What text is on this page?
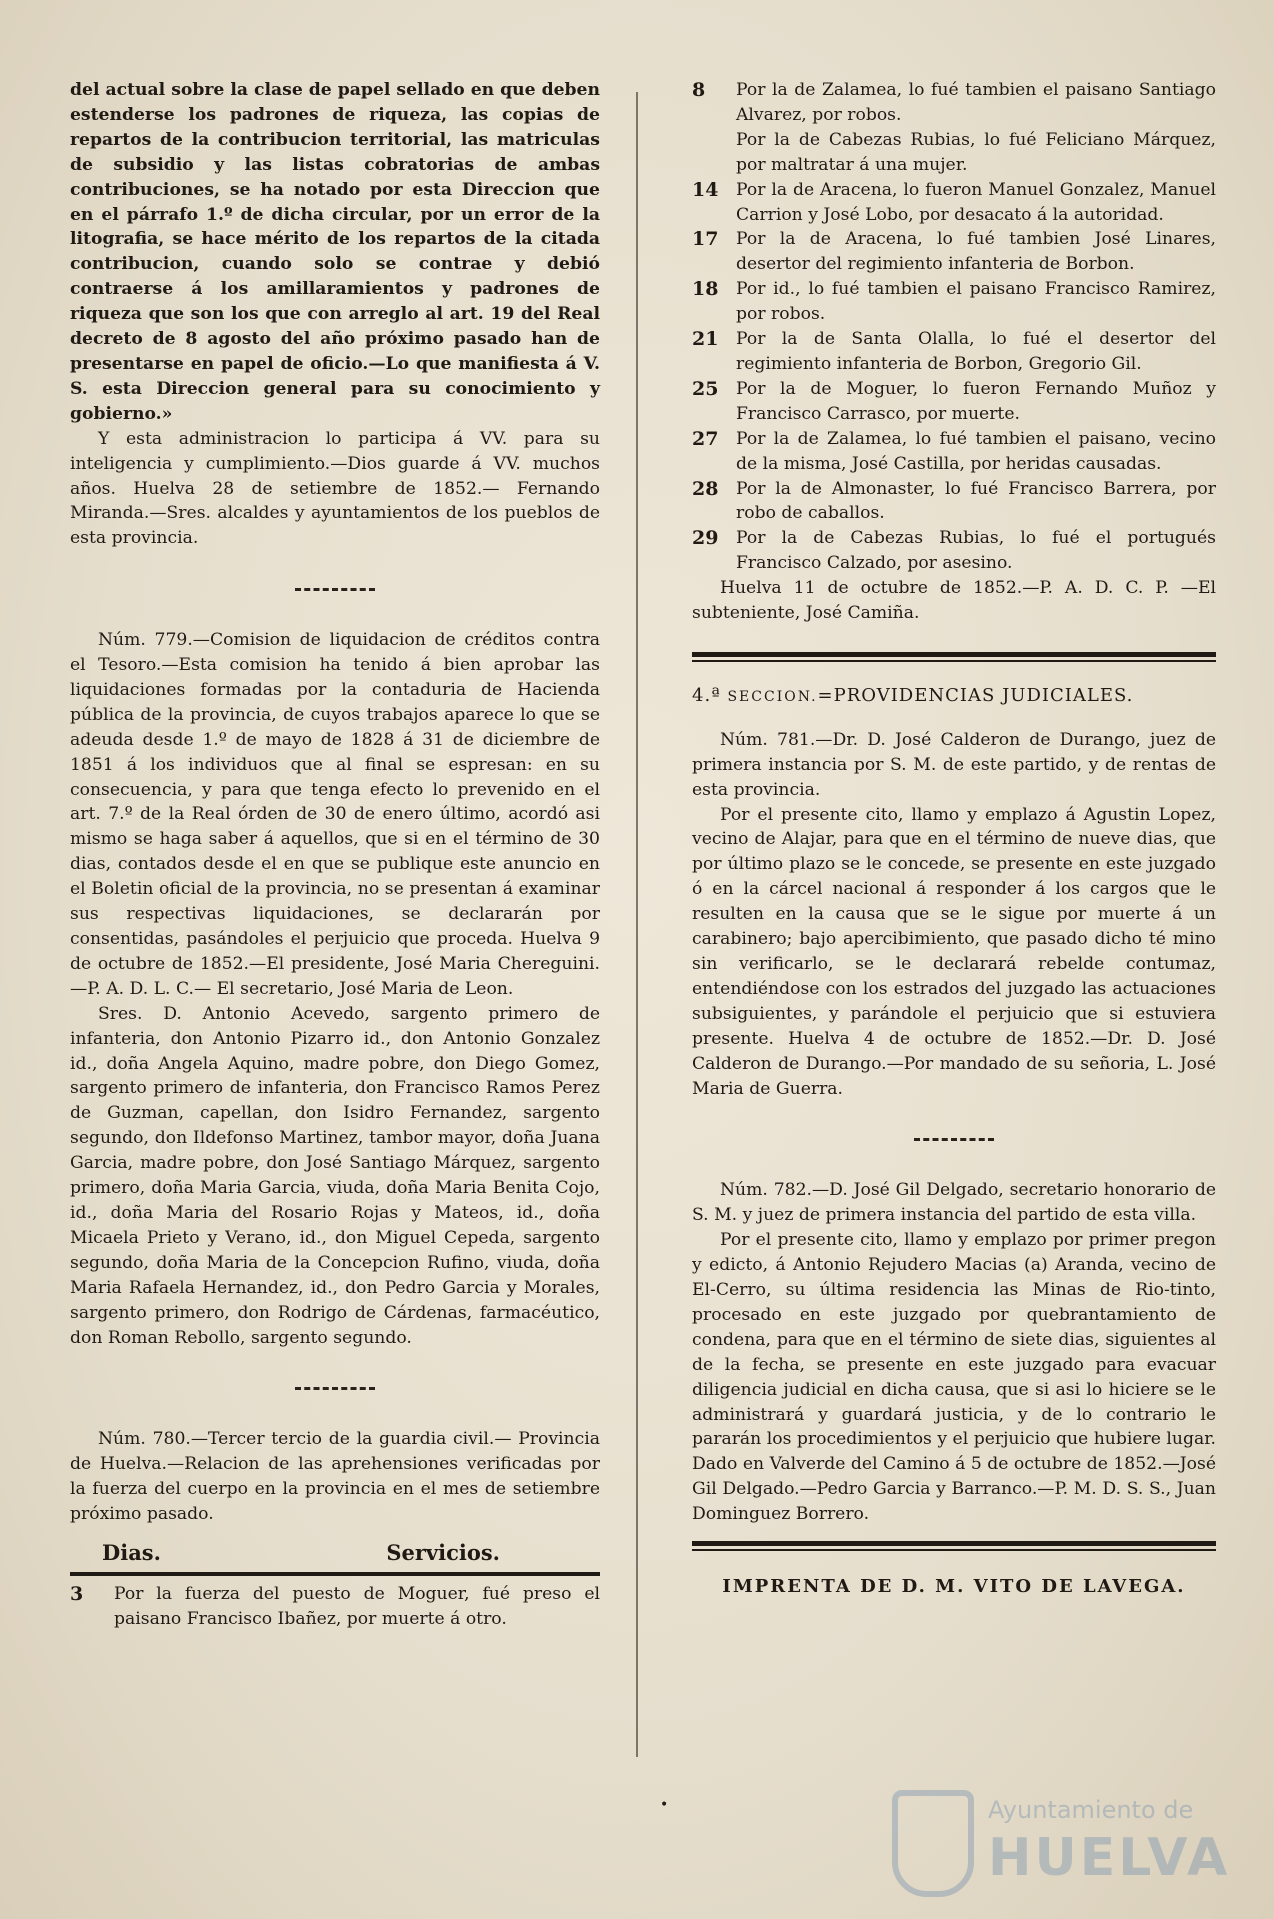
del actual sobre la clase de papel sellado en que deben estenderse los padrones de riqueza, las copias de repartos de la contribucion territorial, las matriculas de subsidio y las listas cobratorias de ambas contribuciones, se ha notado por esta Direccion que en el párrafo 1.º de dicha circular, por un error de la litografia, se hace mérito de los repartos de la citada contribucion, cuando solo se contrae y debió contraerse á los amillaramientos y padrones de riqueza que son los que con arreglo al art. 19 del Real decreto de 8 agosto del año próximo pasado han de presentarse en papel de oficio.—Lo que manifiesta á V. S. esta Direccion general para su conocimiento y gobierno.»

Y esta administracion lo participa á VV. para su inteligencia y cumplimiento.—Dios guarde á VV. muchos años. Huelva 28 de setiembre de 1852.— Fernando Miranda.—Sres. alcaldes y ayuntamientos de los pueblos de esta provincia.

Núm. 779.—Comision de liquidacion de créditos contra el Tesoro.—Esta comision ha tenido á bien aprobar las liquidaciones formadas por la contaduria de Hacienda pública de la provincia, de cuyos trabajos aparece lo que se adeuda desde 1.º de mayo de 1828 á 31 de diciembre de 1851 á los individuos que al final se espresan: en su consecuencia, y para que tenga efecto lo prevenido en el art. 7.º de la Real órden de 30 de enero último, acordó asi mismo se haga saber á aquellos, que si en el término de 30 dias, contados desde el en que se publique este anuncio en el Boletin oficial de la provincia, no se presentan á examinar sus respectivas liquidaciones, se declararán por consentidas, pasándoles el perjuicio que proceda. Huelva 9 de octubre de 1852.—El presidente, José Maria Chereguini.—P. A. D. L. C.— El secretario, José Maria de Leon.

Sres. D. Antonio Acevedo, sargento primero de infanteria, don Antonio Pizarro id., don Antonio Gonzalez id., doña Angela Aquino, madre pobre, don Diego Gomez, sargento primero de infanteria, don Francisco Ramos Perez de Guzman, capellan, don Isidro Fernandez, sargento segundo, don Ildefonso Martinez, tambor mayor, doña Juana Garcia, madre pobre, don José Santiago Márquez, sargento primero, doña Maria Garcia, viuda, doña Maria Benita Cojo, id., doña Maria del Rosario Rojas y Mateos, id., doña Micaela Prieto y Verano, id., don Miguel Cepeda, sargento segundo, doña Maria de la Concepcion Rufino, viuda, doña Maria Rafaela Hernandez, id., don Pedro Garcia y Morales, sargento primero, don Rodrigo de Cárdenas, farmacéutico, don Roman Rebollo, sargento segundo.

Núm. 780.—Tercer tercio de la guardia civil.— Provincia de Huelva.—Relacion de las aprehensiones verificadas por la fuerza del cuerpo en la provincia en el mes de setiembre próximo pasado.

Dias.	Servicios.
3	Por la fuerza del puesto de Moguer, fué preso el paisano Francisco Ibañez, por muerte á otro.
8	Por la de Zalamea, lo fué tambien el paisano Santiago Alvarez, por robos.
Por la de Cabezas Rubias, lo fué Feliciano Márquez, por maltratar á una mujer.
14	Por la de Aracena, lo fueron Manuel Gonzalez, Manuel Carrion y José Lobo, por desacato á la autoridad.
17	Por la de Aracena, lo fué tambien José Linares, desertor del regimiento infanteria de Borbon.
18	Por id., lo fué tambien el paisano Francisco Ramirez, por robos.
21	Por la de Santa Olalla, lo fué el desertor del regimiento infanteria de Borbon, Gregorio Gil.
25	Por la de Moguer, lo fueron Fernando Muñoz y Francisco Carrasco, por muerte.
27	Por la de Zalamea, lo fué tambien el paisano, vecino de la misma, José Castilla, por heridas causadas.
28	Por la de Almonaster, lo fué Francisco Barrera, por robo de caballos.
29	Por la de Cabezas Rubias, lo fué el portugués Francisco Calzado, por asesino.

Huelva 11 de octubre de 1852.—P. A. D. C. P. —El subteniente, José Camiña.

4.ª SECCION.=PROVIDENCIAS JUDICIALES.

Núm. 781.—Dr. D. José Calderon de Durango, juez de primera instancia por S. M. de este partido, y de rentas de esta provincia.

Por el presente cito, llamo y emplazo á Agustin Lopez, vecino de Alajar, para que en el término de nueve dias, que por último plazo se le concede, se presente en este juzgado ó en la cárcel nacional á responder á los cargos que le resulten en la causa que se le sigue por muerte á un carabinero; bajo apercibimiento, que pasado dicho té mino sin verificarlo, se le declarará rebelde contumaz, entendiéndose con los estrados del juzgado las actuaciones subsiguientes, y parándole el perjuicio que si estuviera presente. Huelva 4 de octubre de 1852.—Dr. D. José Calderon de Durango.—Por mandado de su señoria, L. José Maria de Guerra.

Núm. 782.—D. José Gil Delgado, secretario honorario de S. M. y juez de primera instancia del partido de esta villa.

Por el presente cito, llamo y emplazo por primer pregon y edicto, á Antonio Rejudero Macias (a) Aranda, vecino de El-Cerro, su última residencia las Minas de Rio-tinto, procesado en este juzgado por quebrantamiento de condena, para que en el término de siete dias, siguientes al de la fecha, se presente en este juzgado para evacuar diligencia judicial en dicha causa, que si asi lo hiciere se le administrará y guardará justicia, y de lo contrario le pararán los procedimientos y el perjuicio que hubiere lugar. Dado en Valverde del Camino á 5 de octubre de 1852.—José Gil Delgado.—Pedro Garcia y Barranco.—P. M. D. S. S., Juan Dominguez Borrero.

IMPRENTA DE D. M. VITO DE LAVEGA.
•	Ayuntamiento de
HUELVA
